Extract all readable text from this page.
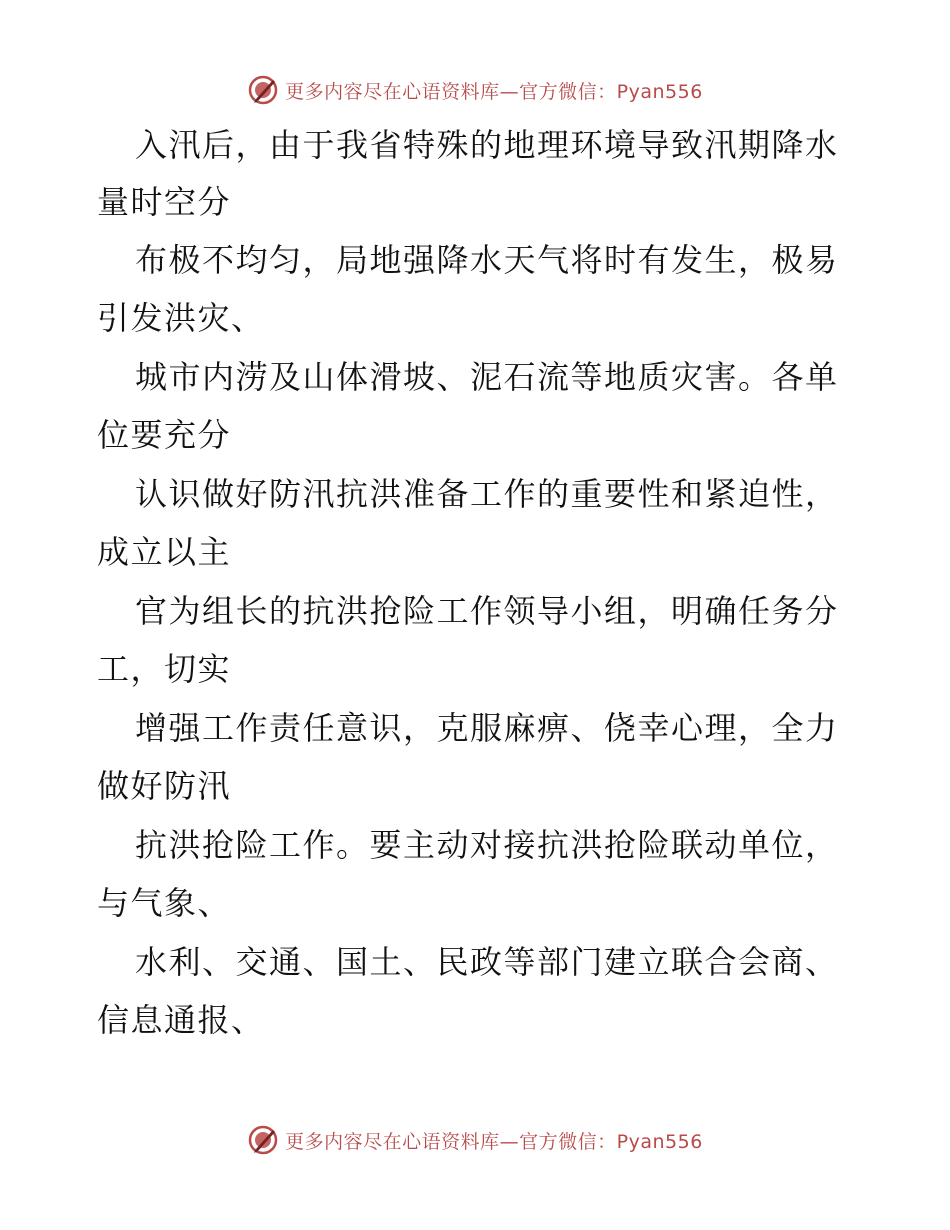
更多内容尽在心语资料库—官方微信：Pyan556
入汛后，由于我省特殊的地理环境导致汛期降水
量时空分
布极不均匀，局地强降水天气将时有发生，极易
引发洪灾、
城市内涝及山体滑坡、泥石流等地质灾害。各单
位要充分
认识做好防汛抗洪准备工作的重要性和紧迫性，
成立以主
官为组长的抗洪抢险工作领导小组，明确任务分
工，切实
增强工作责任意识，克服麻痹、侥幸心理，全力
做好防汛
抗洪抢险工作。要主动对接抗洪抢险联动单位，
与气象、
水利、交通、国土、民政等部门建立联合会商、
信息通报、
更多内容尽在心语资料库—官方微信：Pyan556
